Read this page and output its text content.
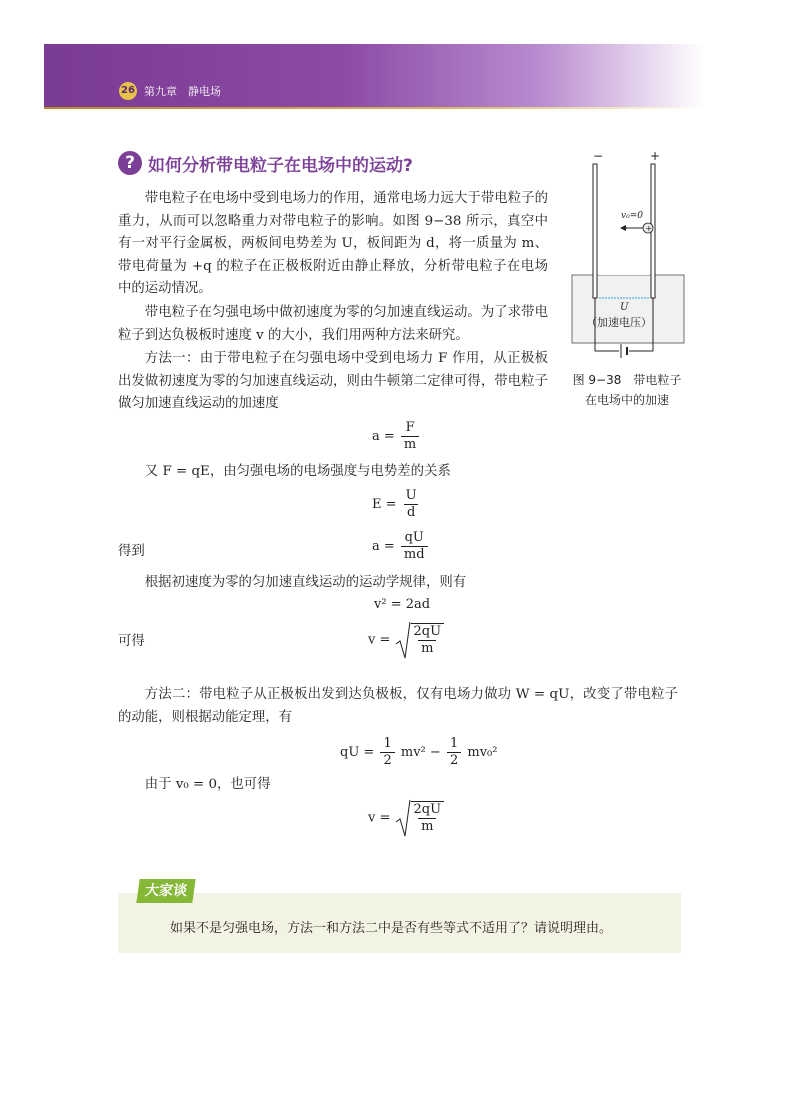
26 第九章　静电场
? 如何分析带电粒子在电场中的运动?
带电粒子在电场中受到电场力的作用，通常电场力远大于带电粒子的重力，从而可以忽略重力对带电粒子的影响。如图 9−38 所示，真空中有一对平行金属板，两板间电势差为 U，板间距为 d，将一质量为 m、带电荷量为 +q 的粒子在正极板附近由静止释放，分析带电粒子在电场中的运动情况。
带电粒子在匀强电场中做初速度为零的匀加速直线运动。为了求带电粒子到达负极板时速度 v 的大小，我们用两种方法来研究。
方法一：由于带电粒子在匀强电场中受到电场力 F 作用，从正极板出发做初速度为零的匀加速直线运动，则由牛顿第二定律可得，带电粒子做匀加速直线运动的加速度
$a = \frac{F}{m}$
又 F = qE，由匀强电场的电场强度与电势差的关系
$E = \frac{U}{d}$
得到	$a = \frac{qU}{md}$
根据初速度为零的匀加速直线运动的运动学规律，则有
v² = 2ad
可得	$v = \frac{2qU}{m}$
方法二：带电粒子从正极板出发到达负极板，仅有电场力做功 W = qU，改变了带电粒子的动能，则根据动能定理，有
qU = $\frac{1}{2} mv^2 - \frac{1}{2} mv_0^2$
由于 v₀ = 0，也可得
$v = \frac{2qU}{m}$
−	+
v₀=0
+
U
（加速电压）
图 9−38　带电粒子
在电场中的加速
大家谈
如果不是匀强电场，方法一和方法二中是否有些等式不适用了？请说明理由。
